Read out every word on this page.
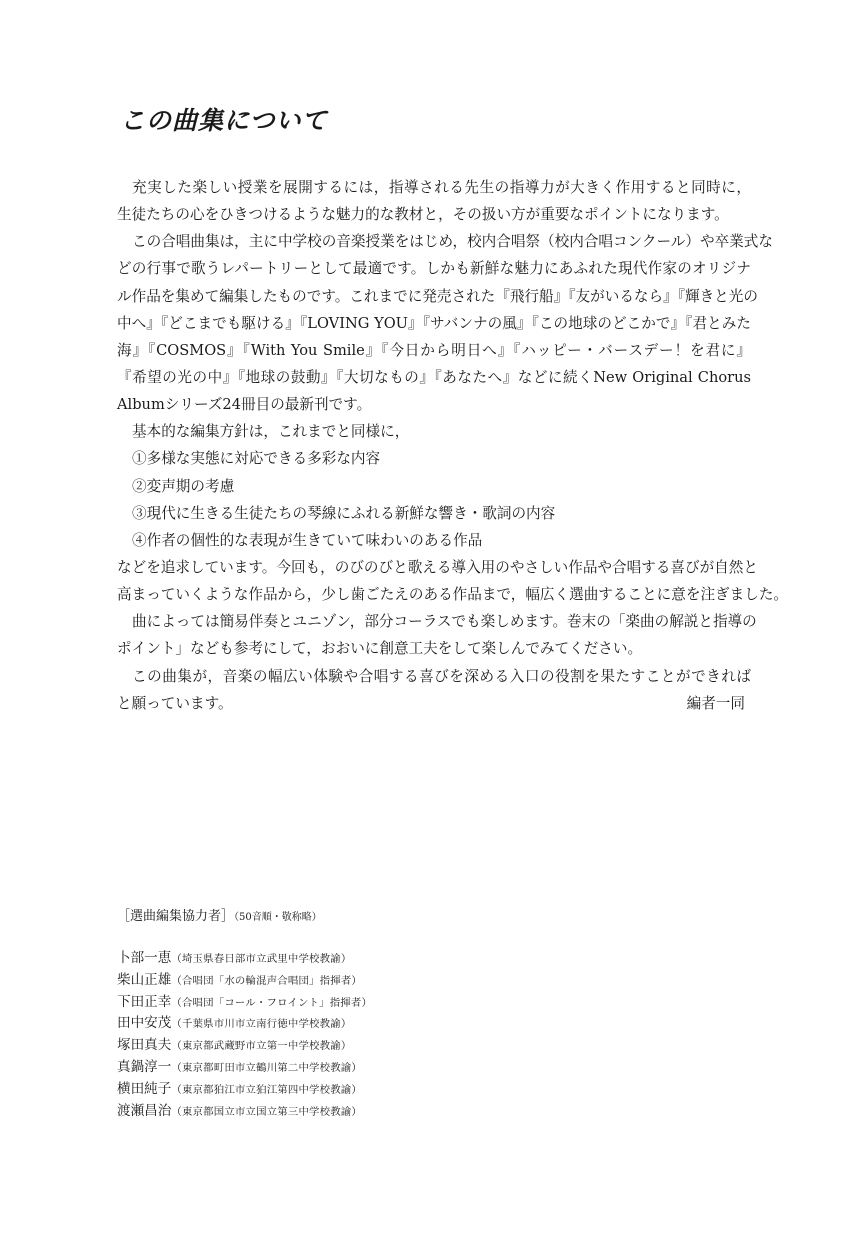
この曲集について
充実した楽しい授業を展開するには，指導される先生の指導力が大きく作用すると同時に，
生徒たちの心をひきつけるような魅力的な教材と，その扱い方が重要なポイントになります。
この合唱曲集は，主に中学校の音楽授業をはじめ，校内合唱祭（校内合唱コンクール）や卒業式な
どの行事で歌うレパートリーとして最適です。しかも新鮮な魅力にあふれた現代作家のオリジナ
ル作品を集めて編集したものです。これまでに発売された『飛行船』『友がいるなら』『輝きと光の
中へ』『どこまでも駆ける』『LOVING YOU』『サバンナの風』『この地球のどこかで』『君とみた
海』『COSMOS』『With You Smile』『今日から明日へ』『ハッピー・バースデー！を君に』
『希望の光の中』『地球の鼓動』『大切なもの』『あなたへ』などに続くNew Original Chorus
Albumシリーズ24冊目の最新刊です。
基本的な編集方針は，これまでと同様に，
①多様な実態に対応できる多彩な内容
②変声期の考慮
③現代に生きる生徒たちの琴線にふれる新鮮な響き・歌詞の内容
④作者の個性的な表現が生きていて味わいのある作品
などを追求しています。今回も，のびのびと歌える導入用のやさしい作品や合唱する喜びが自然と
高まっていくような作品から，少し歯ごたえのある作品まで，幅広く選曲することに意を注ぎました。
曲によっては簡易伴奏とユニゾン，部分コーラスでも楽しめます。巻末の「楽曲の解説と指導の
ポイント」なども参考にして，おおいに創意工夫をして楽しんでみてください。
この曲集が，音楽の幅広い体験や合唱する喜びを深める入口の役割を果たすことができれば
と願っています。	編者一同
［選曲編集協力者］（50音順・敬称略）
卜部一恵（埼玉県春日部市立武里中学校教諭）
柴山正雄（合唱団「水の輪混声合唱団」指揮者）
下田正幸（合唱団「コール・フロイント」指揮者）
田中安茂（千葉県市川市立南行徳中学校教諭）
塚田真夫（東京都武蔵野市立第一中学校教諭）
真鍋淳一（東京都町田市立鶴川第二中学校教諭）
横田純子（東京都狛江市立狛江第四中学校教諭）
渡瀬昌治（東京都国立市立国立第三中学校教諭）
